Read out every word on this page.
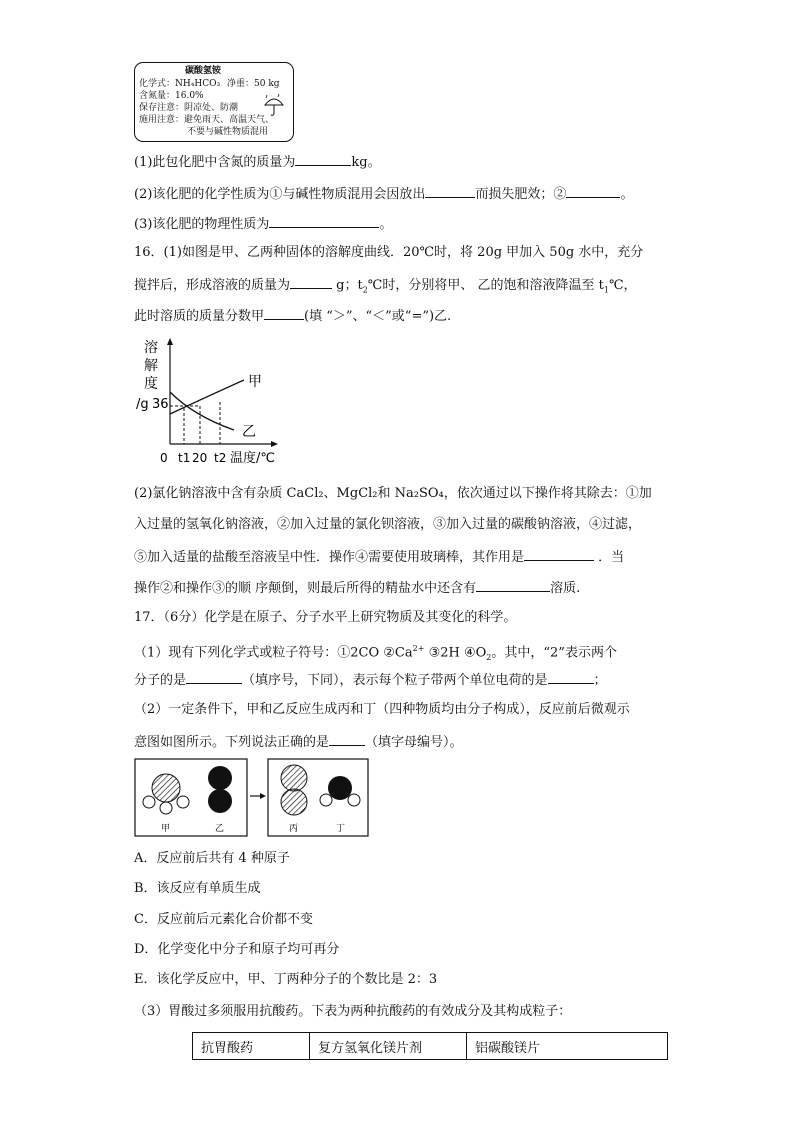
碳酸氢铵
化学式：NH₄HCO₃ 净重：50 kg
含氮量：16.0%
保存注意：阴凉处、防潮
施用注意：避免雨天、高温天气、
不要与碱性物质混用
(1)此包化肥中含氮的质量为	kg。
(2)该化肥的化学性质为①与碱性物质混用会因放出	而损失肥效；②	。
(3)该化肥的物理性质为	。
16．(1)如图是甲、乙两种固体的溶解度曲线．20℃时，将 20g 甲加入 50g 水中，充分
搅拌后，形成溶液的质量为	g；$t_2℃$时，分别将甲、 乙的饱和溶液降温至 $t_1℃$，
此时溶质的质量分数甲	(填 “＞”、“＜”或“=”)乙.
溶
解
度
/g 36
甲
乙
0 t1 20 t2 温度/℃
(2)氯化钠溶液中含有杂质 CaCl₂、MgCl₂和 Na₂SO₄，依次通过以下操作将其除去：①加
入过量的氢氧化钠溶液，②加入过量的氯化钡溶液，③加入过量的碳酸钠溶液，④过滤，
⑤加入适量的盐酸至溶液呈中性．操作④需要使用玻璃棒，其作用是	．当
操作②和操作③的顺 序颠倒，则最后所得的精盐水中还含有	溶质.
17．（6分）化学是在原子、分子水平上研究物质及其变化的科学。
（1）现有下列化学式或粒子符号：①2CO $②Ca^{2+}$ ③2H $④O_2$。其中，“2”表示两个
分子的是	（填序号，下同），表示每个粒子带两个单位电荷的是	；
（2）一定条件下，甲和乙反应生成丙和丁（四种物质均由分子构成），反应前后微观示
意图如图所示。下列说法正确的是	（填字母编号）。
甲	乙	丙	丁
A．反应前后共有 4 种原子
B．该反应有单质生成
C．反应前后元素化合价都不变
D．化学变化中分子和原子均可再分
E．该化学反应中，甲、丁两种分子的个数比是 2：3
（3）胃酸过多须服用抗酸药。下表为两种抗酸药的有效成分及其构成粒子：
抗胃酸药	复方氢氧化镁片剂	铝碳酸镁片
